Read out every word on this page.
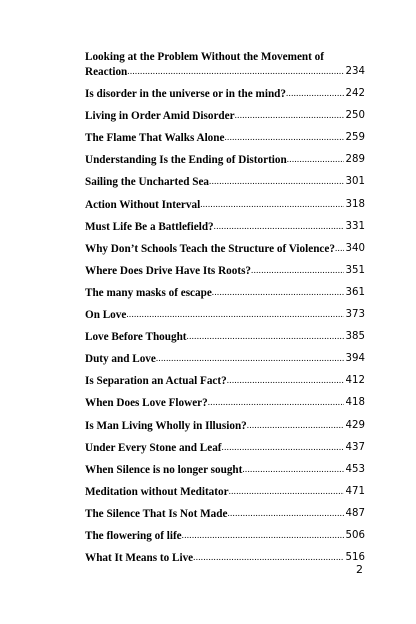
Looking at the Problem Without the Movement of
Reaction .....	234
Is disorder in the universe or in the mind? .....	242
Living in Order Amid Disorder .....	250
The Flame That Walks Alone .....	259
Understanding Is the Ending of Distortion .....	289
Sailing the Uncharted Sea .....	301
Action Without Interval .....	318
Must Life Be a Battlefield? .....	331
Why Don’t Schools Teach the Structure of Violence? ..... 340
Where Does Drive Have Its Roots? .....	351
The many masks of escape .....	361
On Love .....	373
Love Before Thought .....	385
Duty and Love .....	394
Is Separation an Actual Fact? .....	412
When Does Love Flower? .....	418
Is Man Living Wholly in Illusion? .....	429
Under Every Stone and Leaf .....	437
When Silence is no longer sought .....	453
Meditation without Meditator .....	471
The Silence That Is Not Made .....	487
The flowering of life .....	506
What It Means to Live .....	516
2
